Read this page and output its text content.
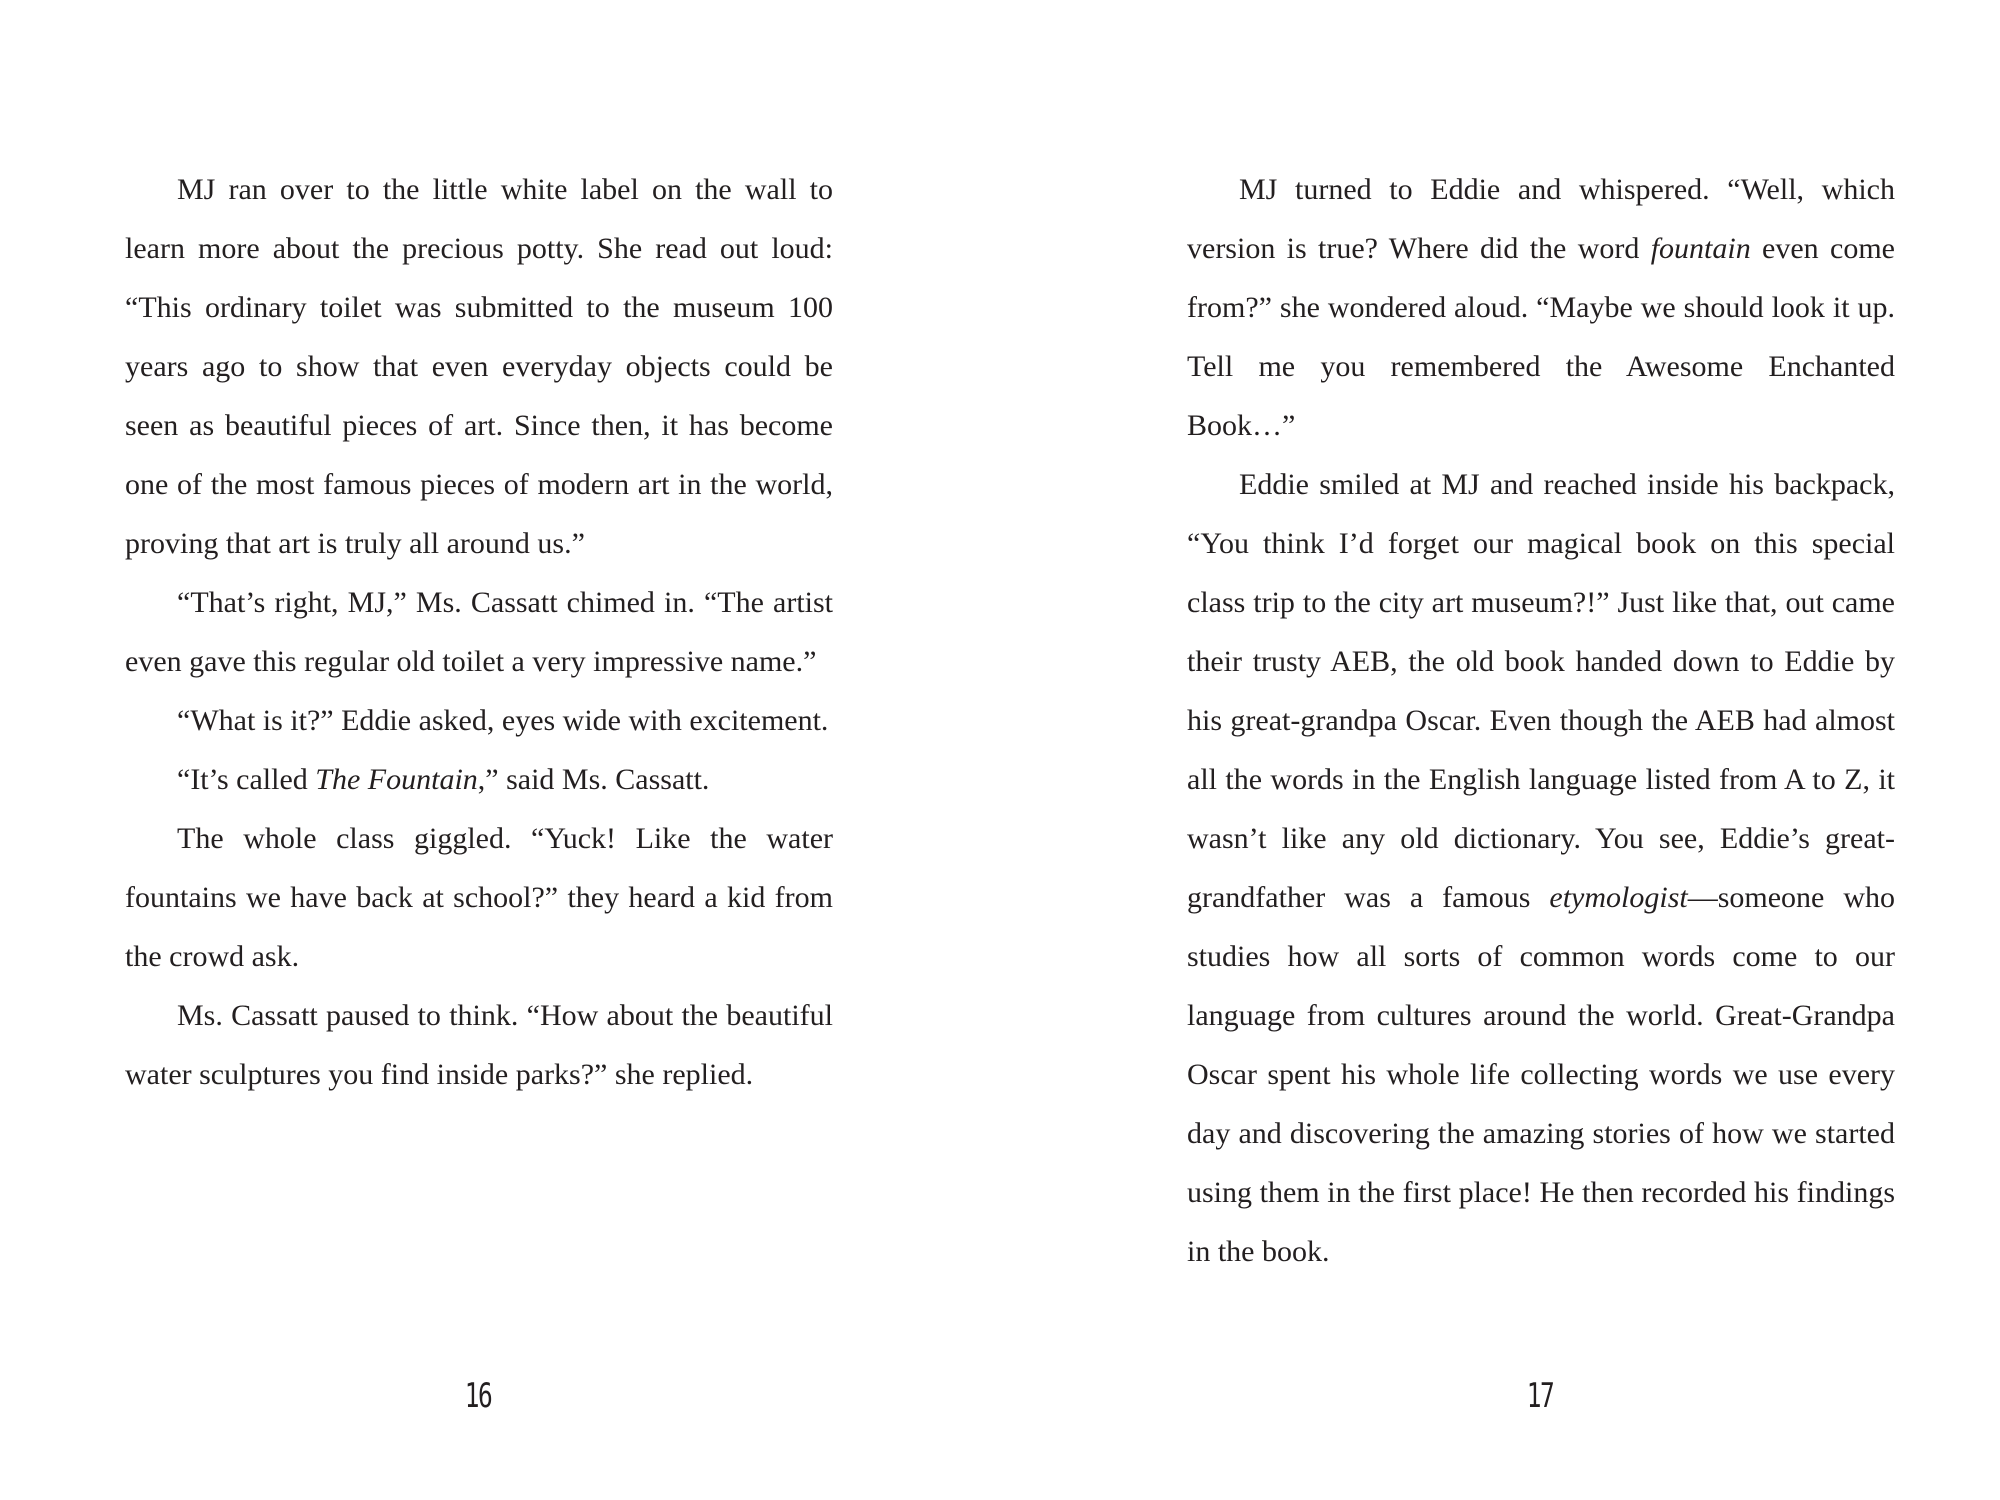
MJ ran over to the little white label on the wall to learn more about the precious potty. She read out loud: “This ordinary toilet was submitted to the museum 100 years ago to show that even everyday objects could be seen as beautiful pieces of art. Since then, it has become one of the most famous pieces of modern art in the world, proving that art is truly all around us.”

“That’s right, MJ,” Ms. Cassatt chimed in. “The artist even gave this regular old toilet a very impressive name.”

“What is it?” Eddie asked, eyes wide with excitement.

“It’s called The Fountain,” said Ms. Cassatt.

The whole class giggled. “Yuck! Like the water fountains we have back at school?” they heard a kid from the crowd ask.

Ms. Cassatt paused to think. “How about the beautiful water sculptures you find inside parks?” she replied.

16

MJ turned to Eddie and whispered. “Well, which version is true? Where did the word fountain even come from?” she wondered aloud. “Maybe we should look it up. Tell me you remembered the Awesome Enchanted Book…”

Eddie smiled at MJ and reached inside his backpack, “You think I’d forget our magical book on this special class trip to the city art museum?!” Just like that, out came their trusty AEB, the old book handed down to Eddie by his great-grandpa Oscar. Even though the AEB had almost all the words in the English language listed from A to Z, it wasn’t like any old dictionary. You see, Eddie’s great-grandfather was a famous etymologist—someone who studies how all sorts of common words come to our language from cultures around the world. Great-Grandpa Oscar spent his whole life collecting words we use every day and discovering the amazing stories of how we started using them in the first place! He then recorded his findings in the book.

17
